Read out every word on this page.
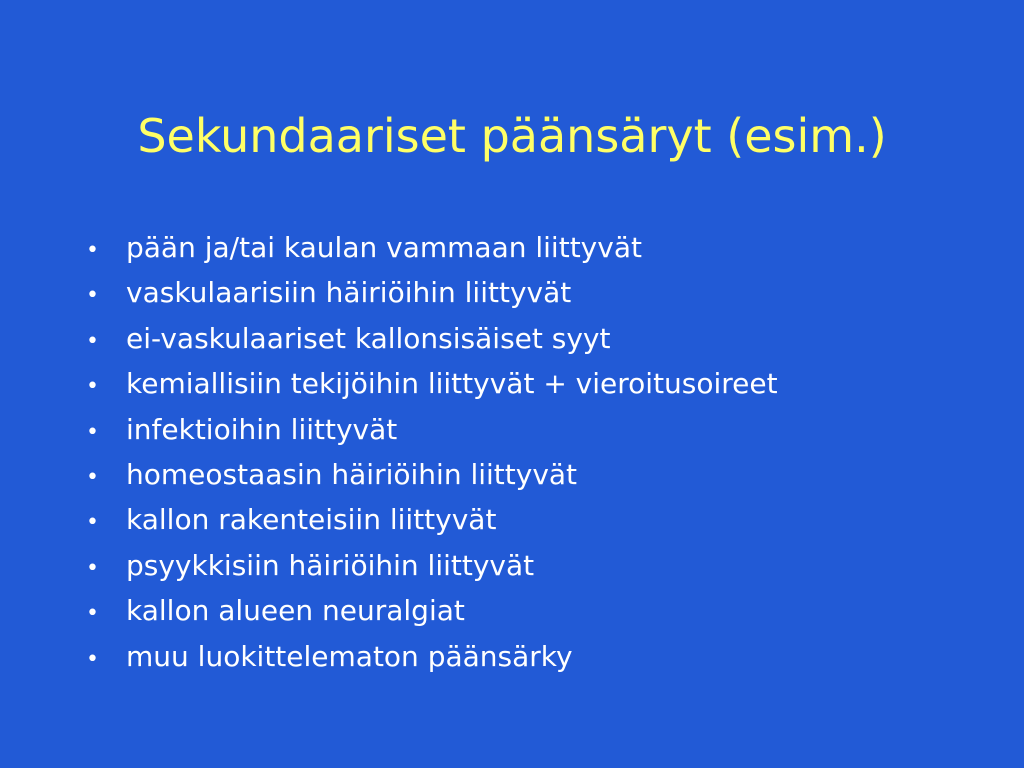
Sekundaariset päänsäryt (esim.)
• pään ja/tai kaulan vammaan liittyvät
• vaskulaarisiin häiriöihin liittyvät
• ei-vaskulaariset kallonsisäiset syyt
• kemiallisiin tekijöihin liittyvät + vieroitusoireet
• infektioihin liittyvät
• homeostaasin häiriöihin liittyvät
• kallon rakenteisiin liittyvät
• psyykkisiin häiriöihin liittyvät
• kallon alueen neuralgiat
• muu luokittelematon päänsärky
